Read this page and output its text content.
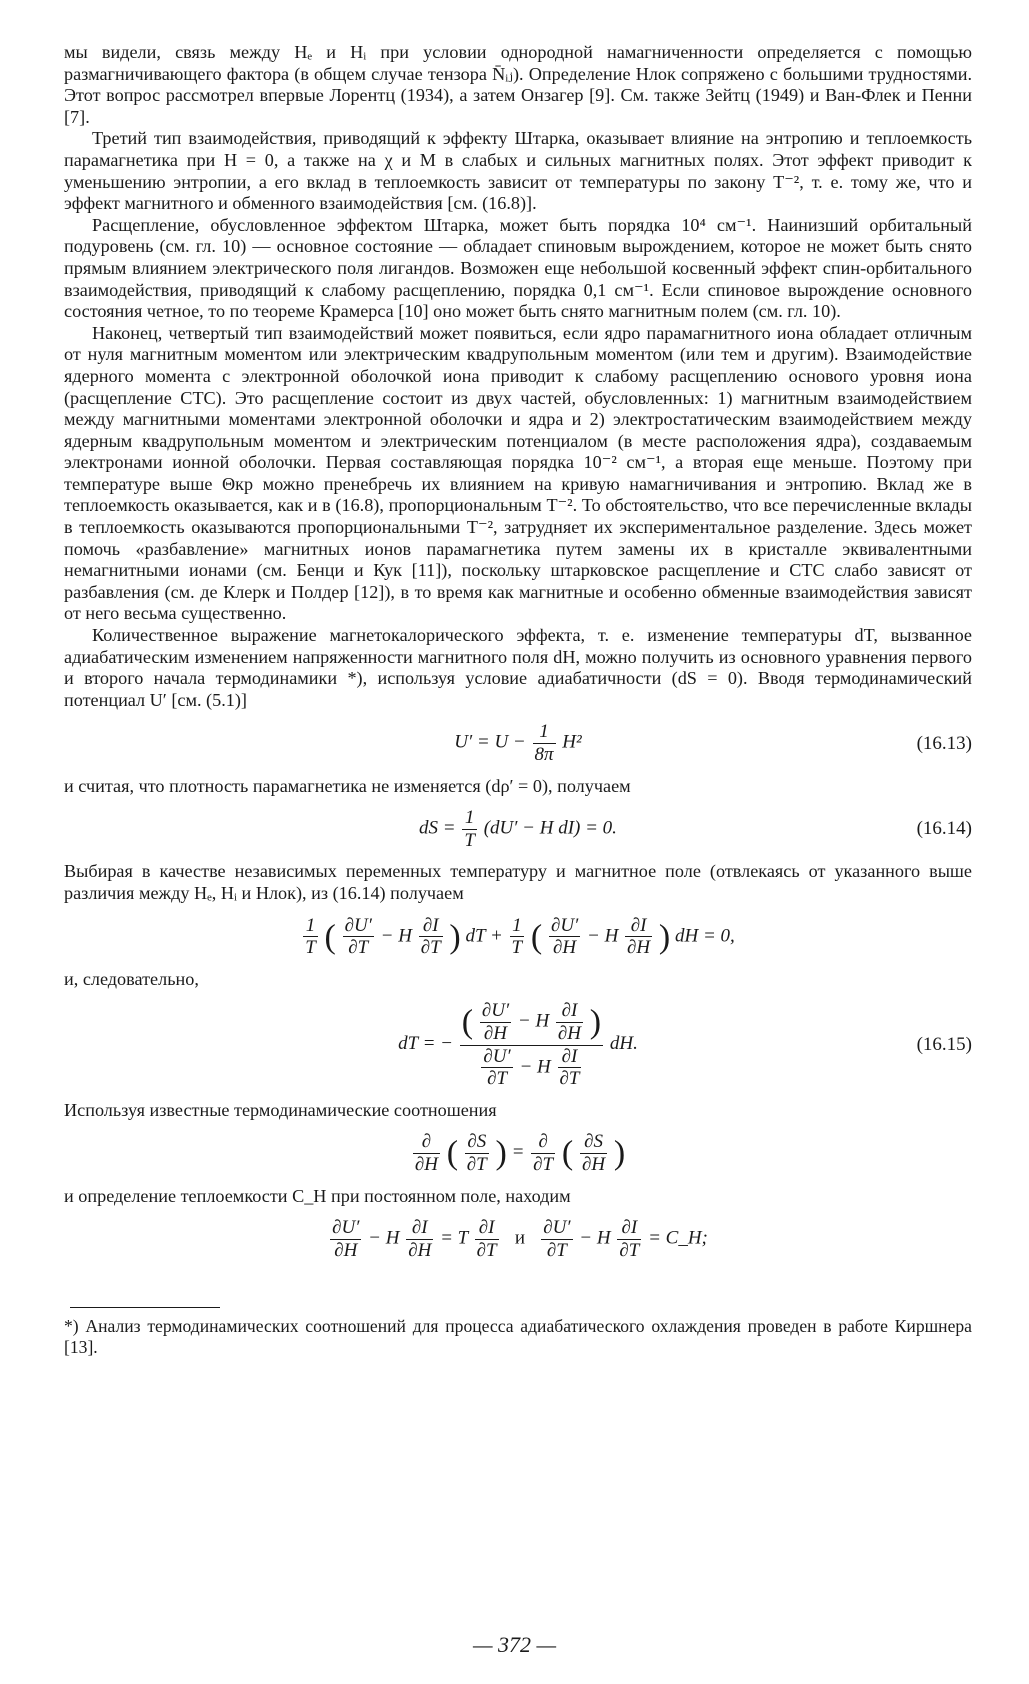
мы видели, связь между Hₑ и Hᵢ при условии однородной намагниченности определяется с помощью размагничивающего фактора (в общем случае тензора N̄ᵢⱼ). Определение Hлок сопряжено с большими трудностями. Этот вопрос рассмотрел впервые Лорентц (1934), а затем Онзагер [9]. См. также Зейтц (1949) и Ван-Флек и Пенни [7].

Третий тип взаимодействия, приводящий к эффекту Штарка, оказывает влияние на энтропию и теплоемкость парамагнетика при H = 0, а также на χ и M в слабых и сильных магнитных полях. Этот эффект приводит к уменьшению энтропии, а его вклад в теплоемкость зависит от температуры по закону T⁻², т. е. тому же, что и эффект магнитного и обменного взаимодействия [см. (16.8)].

Расщепление, обусловленное эффектом Штарка, может быть порядка 10⁴ см⁻¹. Наинизший орбитальный подуровень (см. гл. 10) — основное состояние — обладает спиновым вырождением, которое не может быть снято прямым влиянием электрического поля лигандов. Возможен еще небольшой косвенный эффект спин-орбитального взаимодействия, приводящий к слабому расщеплению, порядка 0,1 см⁻¹. Если спиновое вырождение основного состояния четное, то по теореме Крамерса [10] оно может быть снято магнитным полем (см. гл. 10).

Наконец, четвертый тип взаимодействий может появиться, если ядро парамагнитного иона обладает отличным от нуля магнитным моментом или электрическим квадрупольным моментом (или тем и другим). Взаимодействие ядерного момента с электронной оболочкой иона приводит к слабому расщеплению основого уровня иона (расщепление СТС). Это расщепление состоит из двух частей, обусловленных: 1) магнитным взаимодействием между магнитными моментами электронной оболочки и ядра и 2) электростатическим взаимодействием между ядерным квадрупольным моментом и электрическим потенциалом (в месте расположения ядра), создаваемым электронами ионной оболочки. Первая составляющая порядка 10⁻² см⁻¹, а вторая еще меньше. Поэтому при температуре выше Θкр можно пренебречь их влиянием на кривую намагничивания и энтропию. Вклад же в теплоемкость оказывается, как и в (16.8), пропорциональным T⁻². То обстоятельство, что все перечисленные вклады в теплоемкость оказываются пропорциональными T⁻², затрудняет их экспериментальное разделение. Здесь может помочь «разбавление» магнитных ионов парамагнетика путем замены их в кристалле эквивалентными немагнитными ионами (см. Бенци и Кук [11]), поскольку штарковское расщепление и СТС слабо зависят от разбавления (см. де Клерк и Полдер [12]), в то время как магнитные и особенно обменные взаимодействия зависят от него весьма существенно.

Количественное выражение магнетокалорического эффекта, т. е. изменение температуры dT, вызванное адиабатическим изменением напряженности магнитного поля dH, можно получить из основного уравнения первого и второго начала термодинамики *), используя условие адиабатичности (dS = 0). Вводя термодинамический потенциал U′ [см. (5.1)]

$U' = U - \frac{1}{8\pi} H^2$	(16.13)

и считая, что плотность парамагнетика не изменяется (dρ′ = 0), получаем

dS = $\frac{1}{T} (dU' - H$ dI) = 0.	(16.14)

Выбирая в качестве независимых переменных температуру и магнитное поле (отвлекаясь от указанного выше различия между Hₑ, Hᵢ и Hлок), из (16.14) получаем

$\frac{1}{T}$ ( $\frac{\partial U'}{\partial T} - H \frac{\partial I}{\partial T}$ ) dT + $\frac{1}{T}$ ( $\frac{\partial U'}{\partial H} - H \frac{\partial I}{\partial H}$ ) dH = 0,

и, следовательно,

dT = − $\frac{( \frac{\partial U'}{\partial H} - H \frac{\partial I}{\partial H} )}{\frac{\partial U'}{\partial T} - H \frac{\partial I}{\partial T}}$ dH.	(16.15)

Используя известные термодинамические соотношения

$\frac{\partial}{\partial H}$ ( $\frac{\partial S}{\partial T}$ ) = $\frac{\partial}{\partial T}$ ( $\frac{\partial S}{\partial H}$ )

и определение теплоемкости C_H при постоянном поле, находим

$\frac{\partial U'}{\partial H} - H \frac{\partial I}{\partial H} = T \frac{\partial I}{\partial T}$ и $\frac{\partial U'}{\partial T} - H \frac{\partial I}{\partial T}$ = C_H;

*) Анализ термодинамических соотношений для процесса адиабатического охлаждения проведен в работе Киршнера [13].

— 372 —
